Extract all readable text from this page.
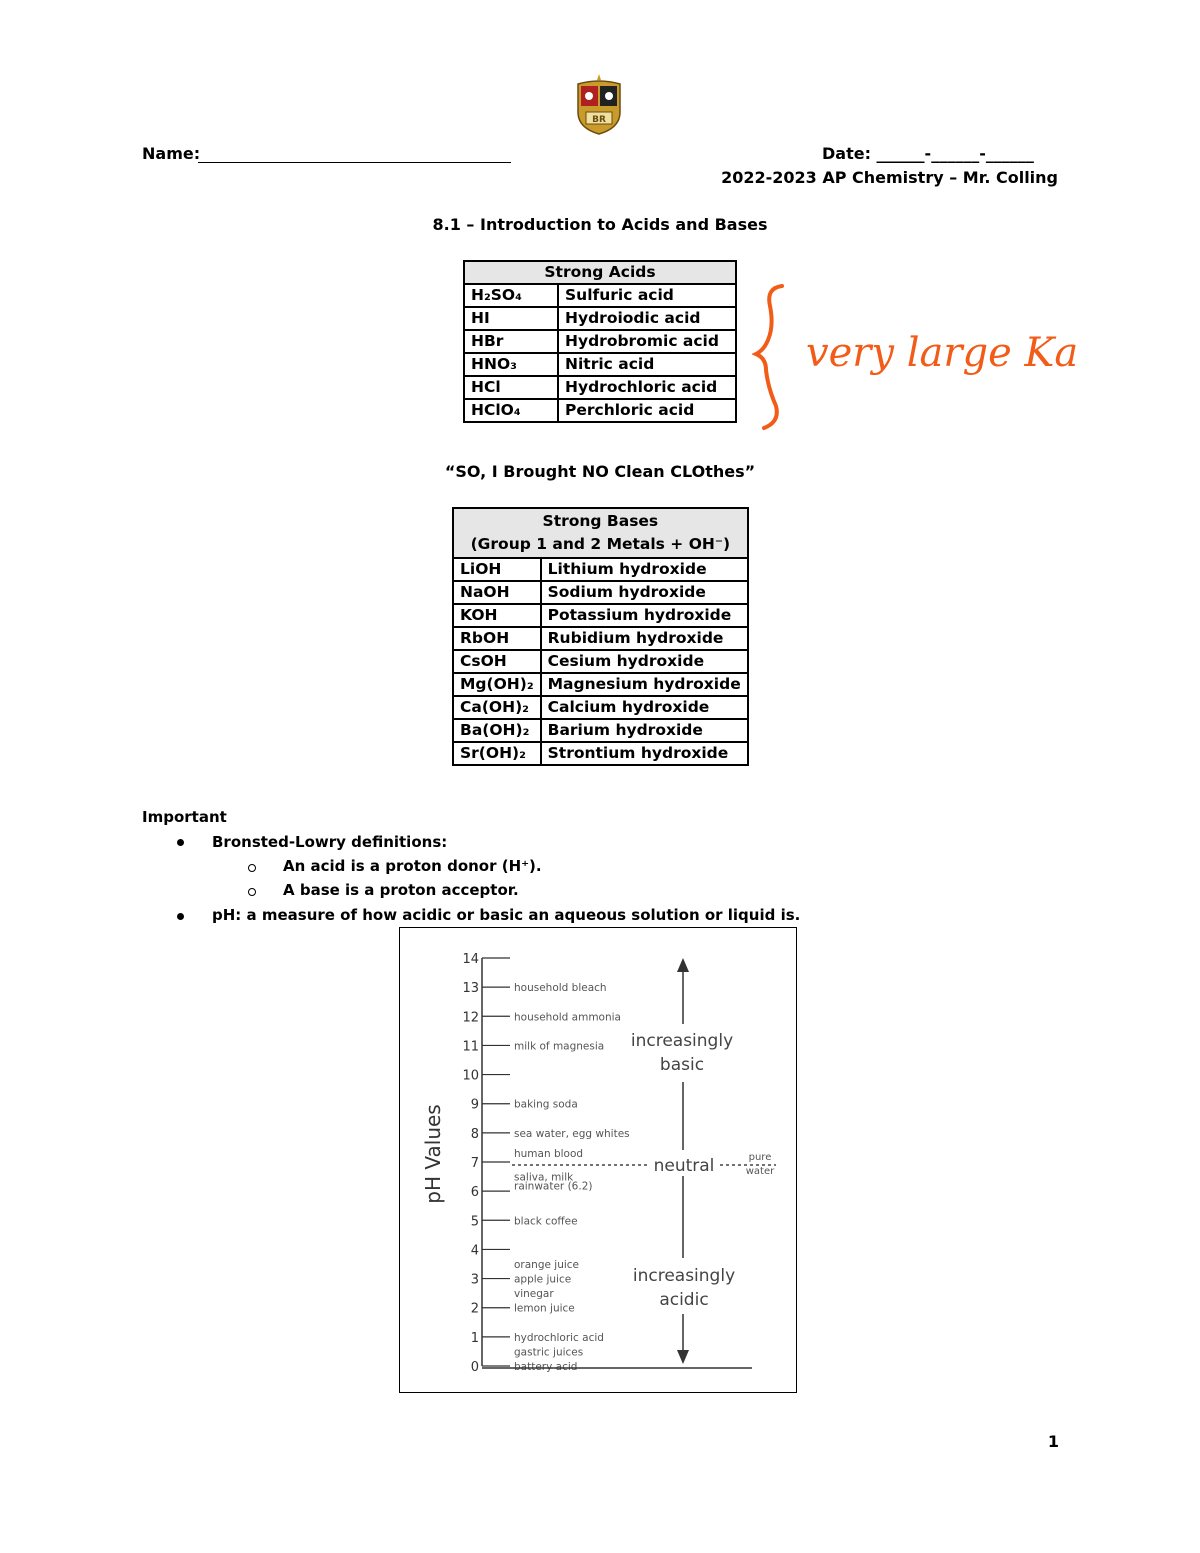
BR
Name:	Date: ______-______-______
2022-2023 AP Chemistry – Mr. Colling
8.1 – Introduction to Acids and Bases
Strong Acids	
H₂SO₄	Sulfuric acid
HI	Hydroiodic acid
HBr	Hydrobromic acid
HNO₃	Nitric acid
HCl	Hydrochloric acid
HClO₄	Perchloric acid
very large Ka
“SO, I Brought NO Clean CLOthes”
Strong Bases
(Group 1 and 2 Metals + OH⁻)	
LiOH	Lithium hydroxide
NaOH	Sodium hydroxide
KOH	Potassium hydroxide
RbOH	Rubidium hydroxide
CsOH	Cesium hydroxide
Mg(OH)₂	Magnesium hydroxide
Ca(OH)₂	Calcium hydroxide
Ba(OH)₂	Barium hydroxide
Sr(OH)₂	Strontium hydroxide
Important
Bronsted-Lowry definitions:
An acid is a proton donor (H⁺).
A base is a proton acceptor.
pH: a measure of how acidic or basic an aqueous solution or liquid is.
0
1
2
3
4
5
6
7
8
9
10
11
12
13
14
household bleach
household ammonia
milk of magnesia
baking soda
sea water, egg whites
human blood
saliva, milk
rainwater (6.2)
black coffee
orange juice
apple juice
vinegar
lemon juice
hydrochloric acid
gastric juices
battery acid
pH Values
increasingly
basic
neutral	pure
water
increasingly
acidic
1
